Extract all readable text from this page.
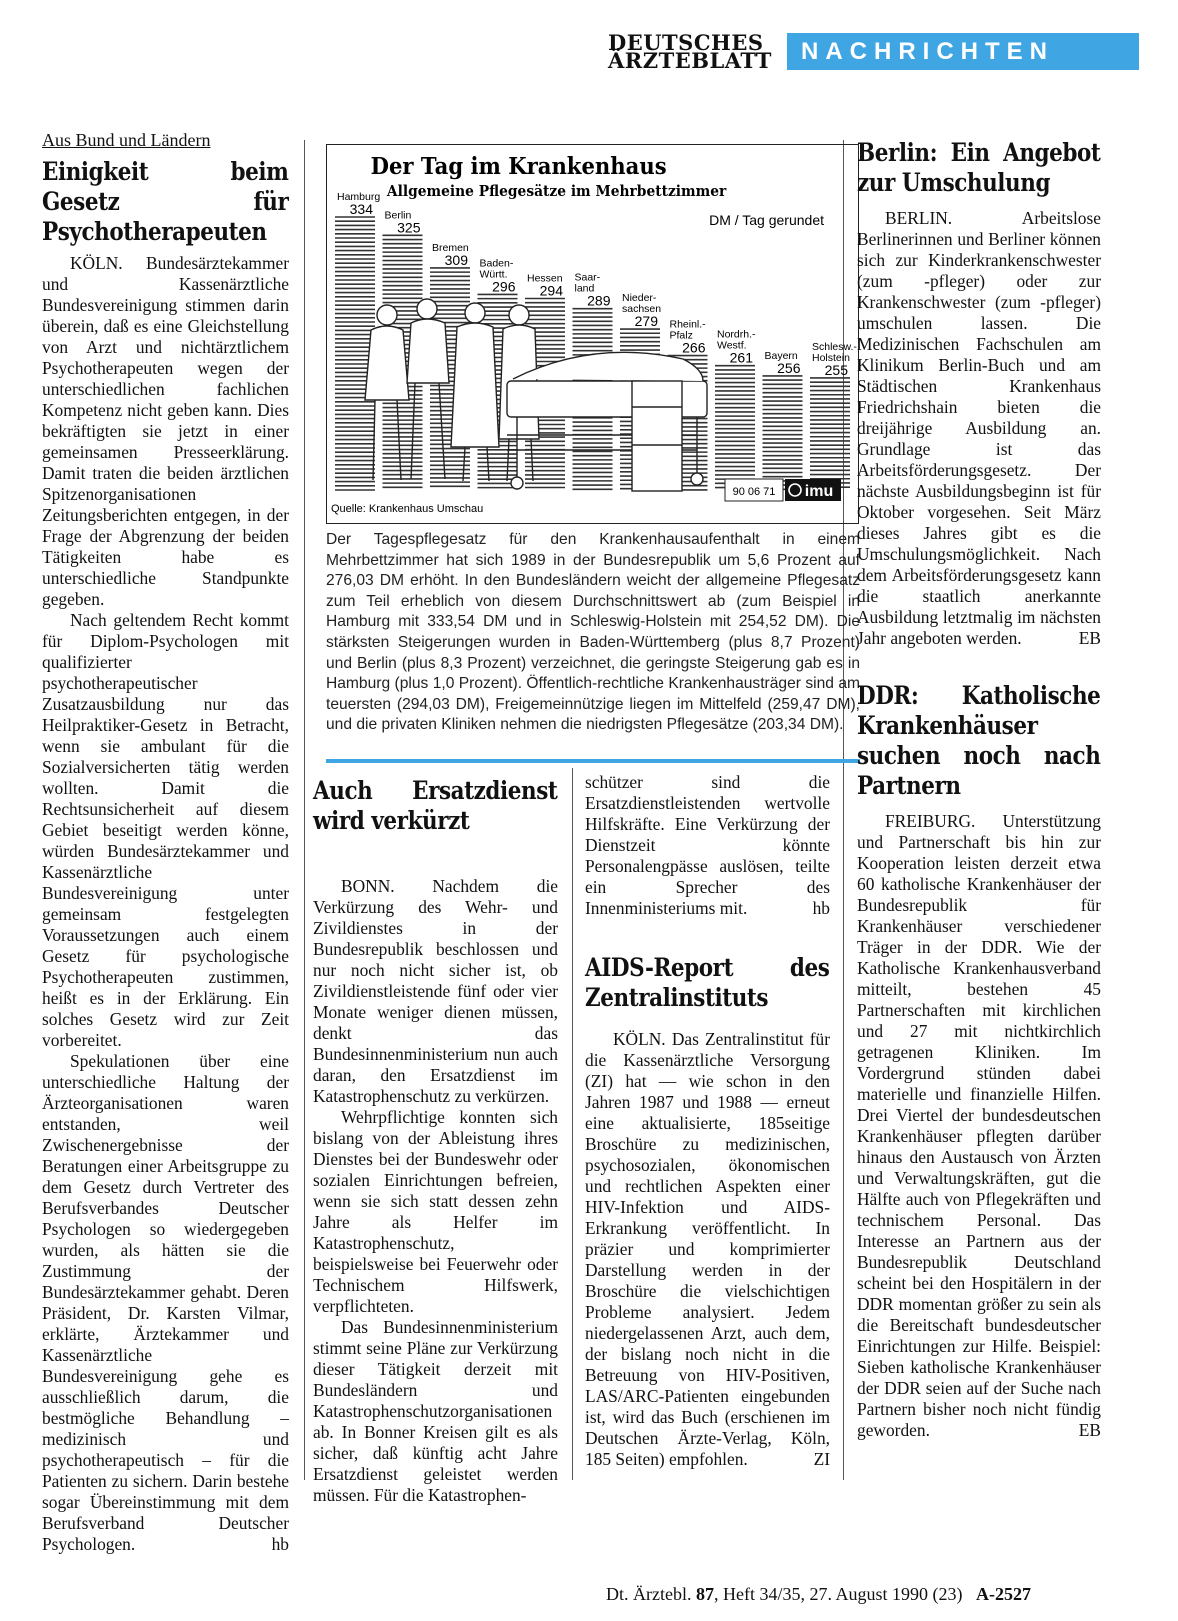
DEUTSCHES
ÄRZTEBLATT	NACHRICHTEN
Aus Bund und Ländern
Einigkeit beim Gesetz für Psychotherapeuten

KÖLN. Bundesärztekammer und Kassenärztliche Bundesvereinigung stimmen darin überein, daß es eine Gleichstellung von Arzt und nichtärztlichem Psychotherapeuten wegen der unterschiedlichen fachlichen Kompetenz nicht geben kann. Dies bekräftigten sie jetzt in einer gemeinsamen Presseerklärung. Damit traten die beiden ärztlichen Spitzenorganisationen Zeitungsberichten entgegen, in der Frage der Abgrenzung der beiden Tätigkeiten habe es unterschiedliche Standpunkte gegeben.

Nach geltendem Recht kommt für Diplom-Psychologen mit qualifizierter psychotherapeutischer Zusatzausbildung nur das Heilpraktiker-Gesetz in Betracht, wenn sie ambulant für die Sozialversicherten tätig werden wollten. Damit die Rechtsunsicherheit auf diesem Gebiet beseitigt werden könne, würden Bundesärztekammer und Kassenärztliche Bundesvereinigung unter gemeinsam festgelegten Voraussetzungen auch einem Gesetz für psychologische Psychotherapeuten zustimmen, heißt es in der Erklärung. Ein solches Gesetz wird zur Zeit vorbereitet.

Spekulationen über eine unterschiedliche Haltung der Ärzteorganisationen waren entstanden, weil Zwischenergebnisse der Beratungen einer Arbeitsgruppe zu dem Gesetz durch Vertreter des Berufsverbandes Deutscher Psychologen so wiedergegeben wurden, als hätten sie die Zustimmung der Bundesärztekammer gehabt. Deren Präsident, Dr. Karsten Vilmar, erklärte, Ärztekammer und Kassenärztliche Bundesvereinigung gehe es ausschließlich darum, die bestmögliche Behandlung – medizinisch und psychotherapeutisch – für die Patienten zu sichern. Darin bestehe sogar Übereinstimmung mit dem Berufsverband Deutscher Psychologen.	hb

Der Tag im Krankenhaus
Allgemeine Pflegesätze im Mehrbettzimmer
DM / Tag gerundet
334
Hamburg
325
Berlin
309
Bremen
296
Baden-Württ.
294
Hessen
289
Saar-land
279
Nieder-sachsen
266
Rheinl.-Pfalz
261
Nordrh.-Westf.
256
Bayern
255
Schlesw.-Holstein
Quelle: Krankenhaus Umschau
90 06 71 imu
Der Tagespflegesatz für den Krankenhausaufenthalt in einem Mehrbettzimmer hat sich 1989 in der Bundesrepublik um 5,6 Prozent auf 276,03 DM erhöht. In den Bundesländern weicht der allgemeine Pflegesatz zum Teil erheblich von diesem Durchschnittswert ab (zum Beispiel in Hamburg mit 333,54 DM und in Schleswig-Holstein mit 254,52 DM). Die stärksten Steigerungen wurden in Baden-Württemberg (plus 8,7 Prozent) und Berlin (plus 8,3 Prozent) verzeichnet, die geringste Steigerung gab es in Hamburg (plus 1,0 Prozent). Öffentlich-rechtliche Krankenhausträger sind am teuersten (294,03 DM), Freigemeinnützige liegen im Mittelfeld (259,47 DM), und die privaten Kliniken nehmen die niedrigsten Pflegesätze (203,34 DM).
Auch Ersatzdienst wird verkürzt

BONN. Nachdem die Verkürzung des Wehr- und Zivildienstes in der Bundesrepublik beschlossen und nur noch nicht sicher ist, ob Zivildienstleistende fünf oder vier Monate weniger dienen müssen, denkt das Bundesinnenministerium nun auch daran, den Ersatzdienst im Katastrophenschutz zu verkürzen.

Wehrpflichtige konnten sich bislang von der Ableistung ihres Dienstes bei der Bundeswehr oder sozialen Einrichtungen befreien, wenn sie sich statt dessen zehn Jahre als Helfer im Katastrophenschutz, beispielsweise bei Feuerwehr oder Technischem Hilfswerk, verpflichteten.

Das Bundesinnenministerium stimmt seine Pläne zur Verkürzung dieser Tätigkeit derzeit mit Bundesländern und Katastrophenschutzorganisationen ab. In Bonner Kreisen gilt es als sicher, daß künftig acht Jahre Ersatzdienst geleistet werden müssen. Für die Katastrophen-

schützer sind die Ersatzdienstleistenden wertvolle Hilfskräfte. Eine Verkürzung der Dienstzeit könnte Personalengpässe auslösen, teilte ein Sprecher des Innenministeriums mit.	hb

AIDS-Report des Zentralinstituts

KÖLN. Das Zentralinstitut für die Kassenärztliche Versorgung (ZI) hat — wie schon in den Jahren 1987 und 1988 — erneut eine aktualisierte, 185seitige Broschüre zu medizinischen, psychosozialen, ökonomischen und rechtlichen Aspekten einer HIV-Infektion und AIDS-Erkrankung veröffentlicht. In präzier und komprimierter Darstellung werden in der Broschüre die vielschichtigen Probleme analysiert. Jedem niedergelassenen Arzt, auch dem, der bislang noch nicht in die Betreuung von HIV-Positiven, LAS/ARC-Patienten eingebunden ist, wird das Buch (erschienen im Deutschen Ärzte-Verlag, Köln, 185 Seiten) empfohlen.	ZI

Berlin: Ein Angebot zur Umschulung

BERLIN. Arbeitslose Berlinerinnen und Berliner können sich zur Kinderkrankenschwester (zum -pfleger) oder zur Krankenschwester (zum -pfleger) umschulen lassen. Die Medizinischen Fachschulen am Klinikum Berlin-Buch und am Städtischen Krankenhaus Friedrichshain bieten die dreijährige Ausbildung an. Grundlage ist das Arbeitsförderungsgesetz. Der nächste Ausbildungsbeginn ist für Oktober vorgesehen. Seit März dieses Jahres gibt es die Umschulungsmöglichkeit. Nach dem Arbeitsförderungsgesetz kann die staatlich anerkannte Ausbildung letztmalig im nächsten Jahr angeboten werden.	EB

DDR: Katholische Krankenhäuser suchen noch nach Partnern

FREIBURG. Unterstützung und Partnerschaft bis hin zur Kooperation leisten derzeit etwa 60 katholische Krankenhäuser der Bundesrepublik für Krankenhäuser verschiedener Träger in der DDR. Wie der Katholische Krankenhausverband mitteilt, bestehen 45 Partnerschaften mit kirchlichen und 27 mit nichtkirchlich getragenen Kliniken. Im Vordergrund stünden dabei materielle und finanzielle Hilfen. Drei Viertel der bundesdeutschen Krankenhäuser pflegten darüber hinaus den Austausch von Ärzten und Verwaltungskräften, gut die Hälfte auch von Pflegekräften und technischem Personal. Das Interesse an Partnern aus der Bundesrepublik Deutschland scheint bei den Hospitälern in der DDR momentan größer zu sein als die Bereitschaft bundesdeutscher Einrichtungen zur Hilfe. Beispiel: Sieben katholische Krankenhäuser der DDR seien auf der Suche nach Partnern bisher noch nicht fündig geworden.	EB

Dt. Ärztebl. 87, Heft 34/35, 27. August 1990 (23) A-2527
